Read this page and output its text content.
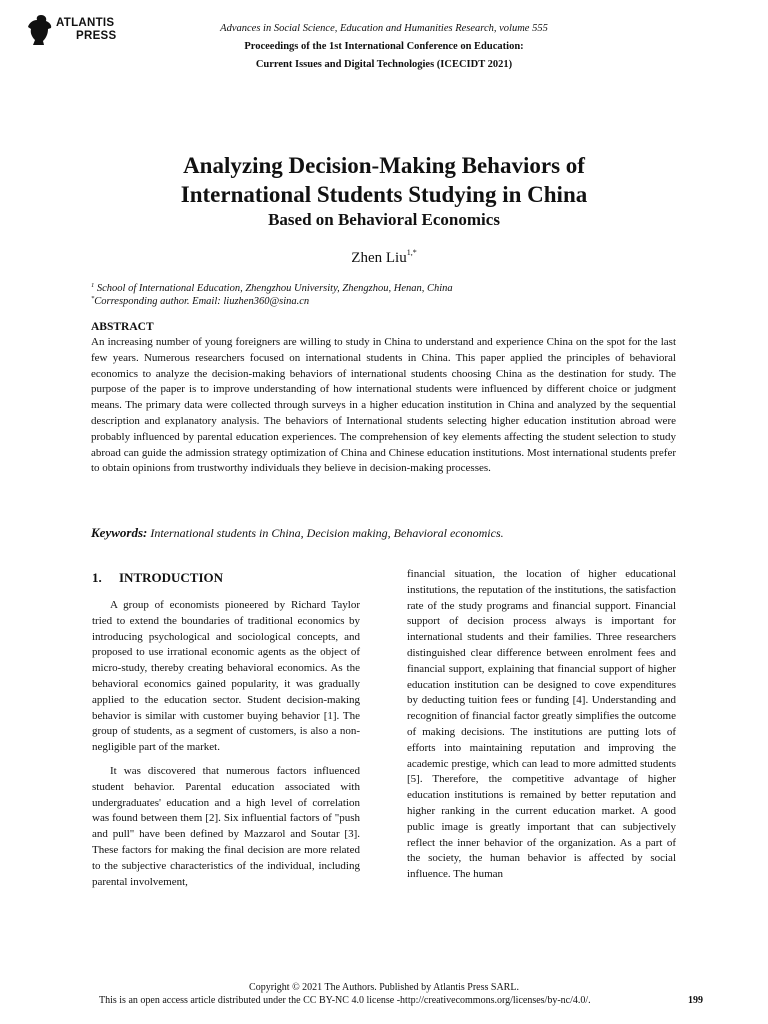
ATLANTIS
PRESS
Advances in Social Science, Education and Humanities Research, volume 555
Proceedings of the 1st International Conference on Education:
Current Issues and Digital Technologies (ICECIDT 2021)
Analyzing Decision-Making Behaviors of
International Students Studying in China
Based on Behavioral Economics
Zhen Liu$^{1,*}$
$^1$ School of International Education, Zhengzhou University, Zhengzhou, Henan, China
*Corresponding author. Email: liuzhen360@sina.cn
ABSTRACT

An increasing number of young foreigners are willing to study in China to understand and experience China on the spot for the last few years. Numerous researchers focused on international students in China. This paper applied the principles of behavioral economics to analyze the decision-making behaviors of international students choosing China as the destination for study. The purpose of the paper is to improve understanding of how international students were influenced by different choice or judgment means. The primary data were collected through surveys in a higher education institution in China and analyzed by the sequential description and explanatory analysis. The behaviors of International students selecting higher education institution abroad were probably influenced by parental education experiences. The comprehension of key elements affecting the student selection to study abroad can guide the admission strategy optimization of China and Chinese education institutions. Most international students prefer to obtain opinions from trustworthy individuals they believe in decision-making processes.

Keywords: International students in China, Decision making, Behavioral economics.
1. INTRODUCTION

A group of economists pioneered by Richard Taylor tried to extend the boundaries of traditional economics by introducing psychological and sociological concepts, and proposed to use irrational economic agents as the object of micro-study, thereby creating behavioral economics. As the behavioral economics gained popularity, it was gradually applied to the education sector. Student decision-making behavior is similar with customer buying behavior [1]. The group of students, as a segment of customers, is also a non-negligible part of the market.

It was discovered that numerous factors influenced student behavior. Parental education associated with undergraduates' education and a high level of correlation was found between them [2]. Six influential factors of "push and pull" have been defined by Mazzarol and Soutar [3]. These factors for making the final decision are more related to the subjective characteristics of the individual, including parental involvement,

financial situation, the location of higher educational institutions, the reputation of the institutions, the satisfaction rate of the study programs and financial support. Financial support of decision process always is important for international students and their families. Three researchers distinguished clear difference between enrolment fees and financial support, explaining that financial support of higher education institution can be designed to cove expenditures by deducting tuition fees or funding [4]. Understanding and recognition of financial factor greatly simplifies the outcome of making decisions. The institutions are putting lots of efforts into maintaining reputation and improving the academic prestige, which can lead to more admitted students [5]. Therefore, the competitive advantage of higher education institutions is remained by better reputation and higher ranking in the current education market. A good public image is greatly important that can subjectively reflect the inner behavior of the organization. As a part of the society, the human behavior is affected by social influence. The human

Copyright © 2021 The Authors. Published by Atlantis Press SARL.
This is an open access article distributed under the CC BY-NC 4.0 license -http://creativecommons.org/licenses/by-nc/4.0/.	199
